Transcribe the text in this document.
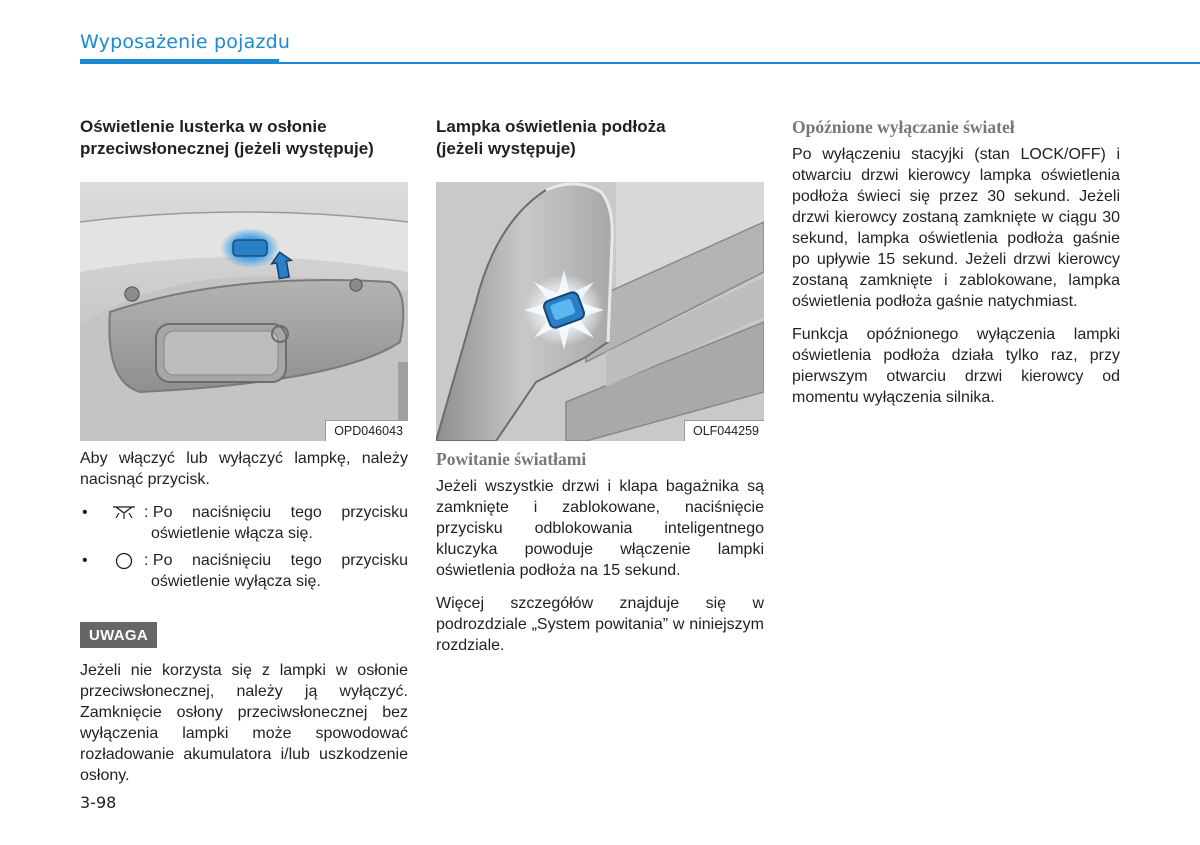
Wyposażenie pojazdu
Oświetlenie lusterka w osłonie
przeciwsłonecznej (jeżeli występuje)
OPD046043

Aby włączyć lub wyłączyć lampkę, należy nacisnąć przycisk.

•	: Po naciśnięciu tego przycisku
oświetlenie włącza się.
•	: Po naciśnięciu tego przycisku
oświetlenie wyłącza się.
UWAGA

Jeżeli nie korzysta się z lampki w osłonie przeciwsłonecznej, należy ją wyłączyć. Zamknięcie osłony przeciwsłonecznej bez wyłączenia lampki może spowodować rozładowanie akumulatora i/lub uszkodzenie osłony.

Lampka oświetlenia podłoża
(jeżeli występuje)
OLF044259
Powitanie światłami

Jeżeli wszystkie drzwi i klapa bagażnika są zamknięte i zablokowane, naciśnięcie przycisku odblokowania inteligentnego kluczyka powoduje włączenie lampki oświetlenia podłoża na 15 sekund.

Więcej szczegółów znajduje się w podrozdziale „System powitania” w niniejszym rozdziale.

Opóźnione wyłączanie świateł

Po wyłączeniu stacyjki (stan LOCK/OFF) i otwarciu drzwi kierowcy lampka oświetlenia podłoża świeci się przez 30 sekund. Jeżeli drzwi kierowcy zostaną zamknięte w ciągu 30 sekund, lampka oświetlenia podłoża gaśnie po upływie 15 sekund. Jeżeli drzwi kierowcy zostaną zamknięte i zablokowane, lampka oświetlenia podłoża gaśnie natychmiast.

Funkcja opóźnionego wyłączenia lampki oświetlenia podłoża działa tylko raz, przy pierwszym otwarciu drzwi kierowcy od momentu wyłączenia silnika.

3-98
